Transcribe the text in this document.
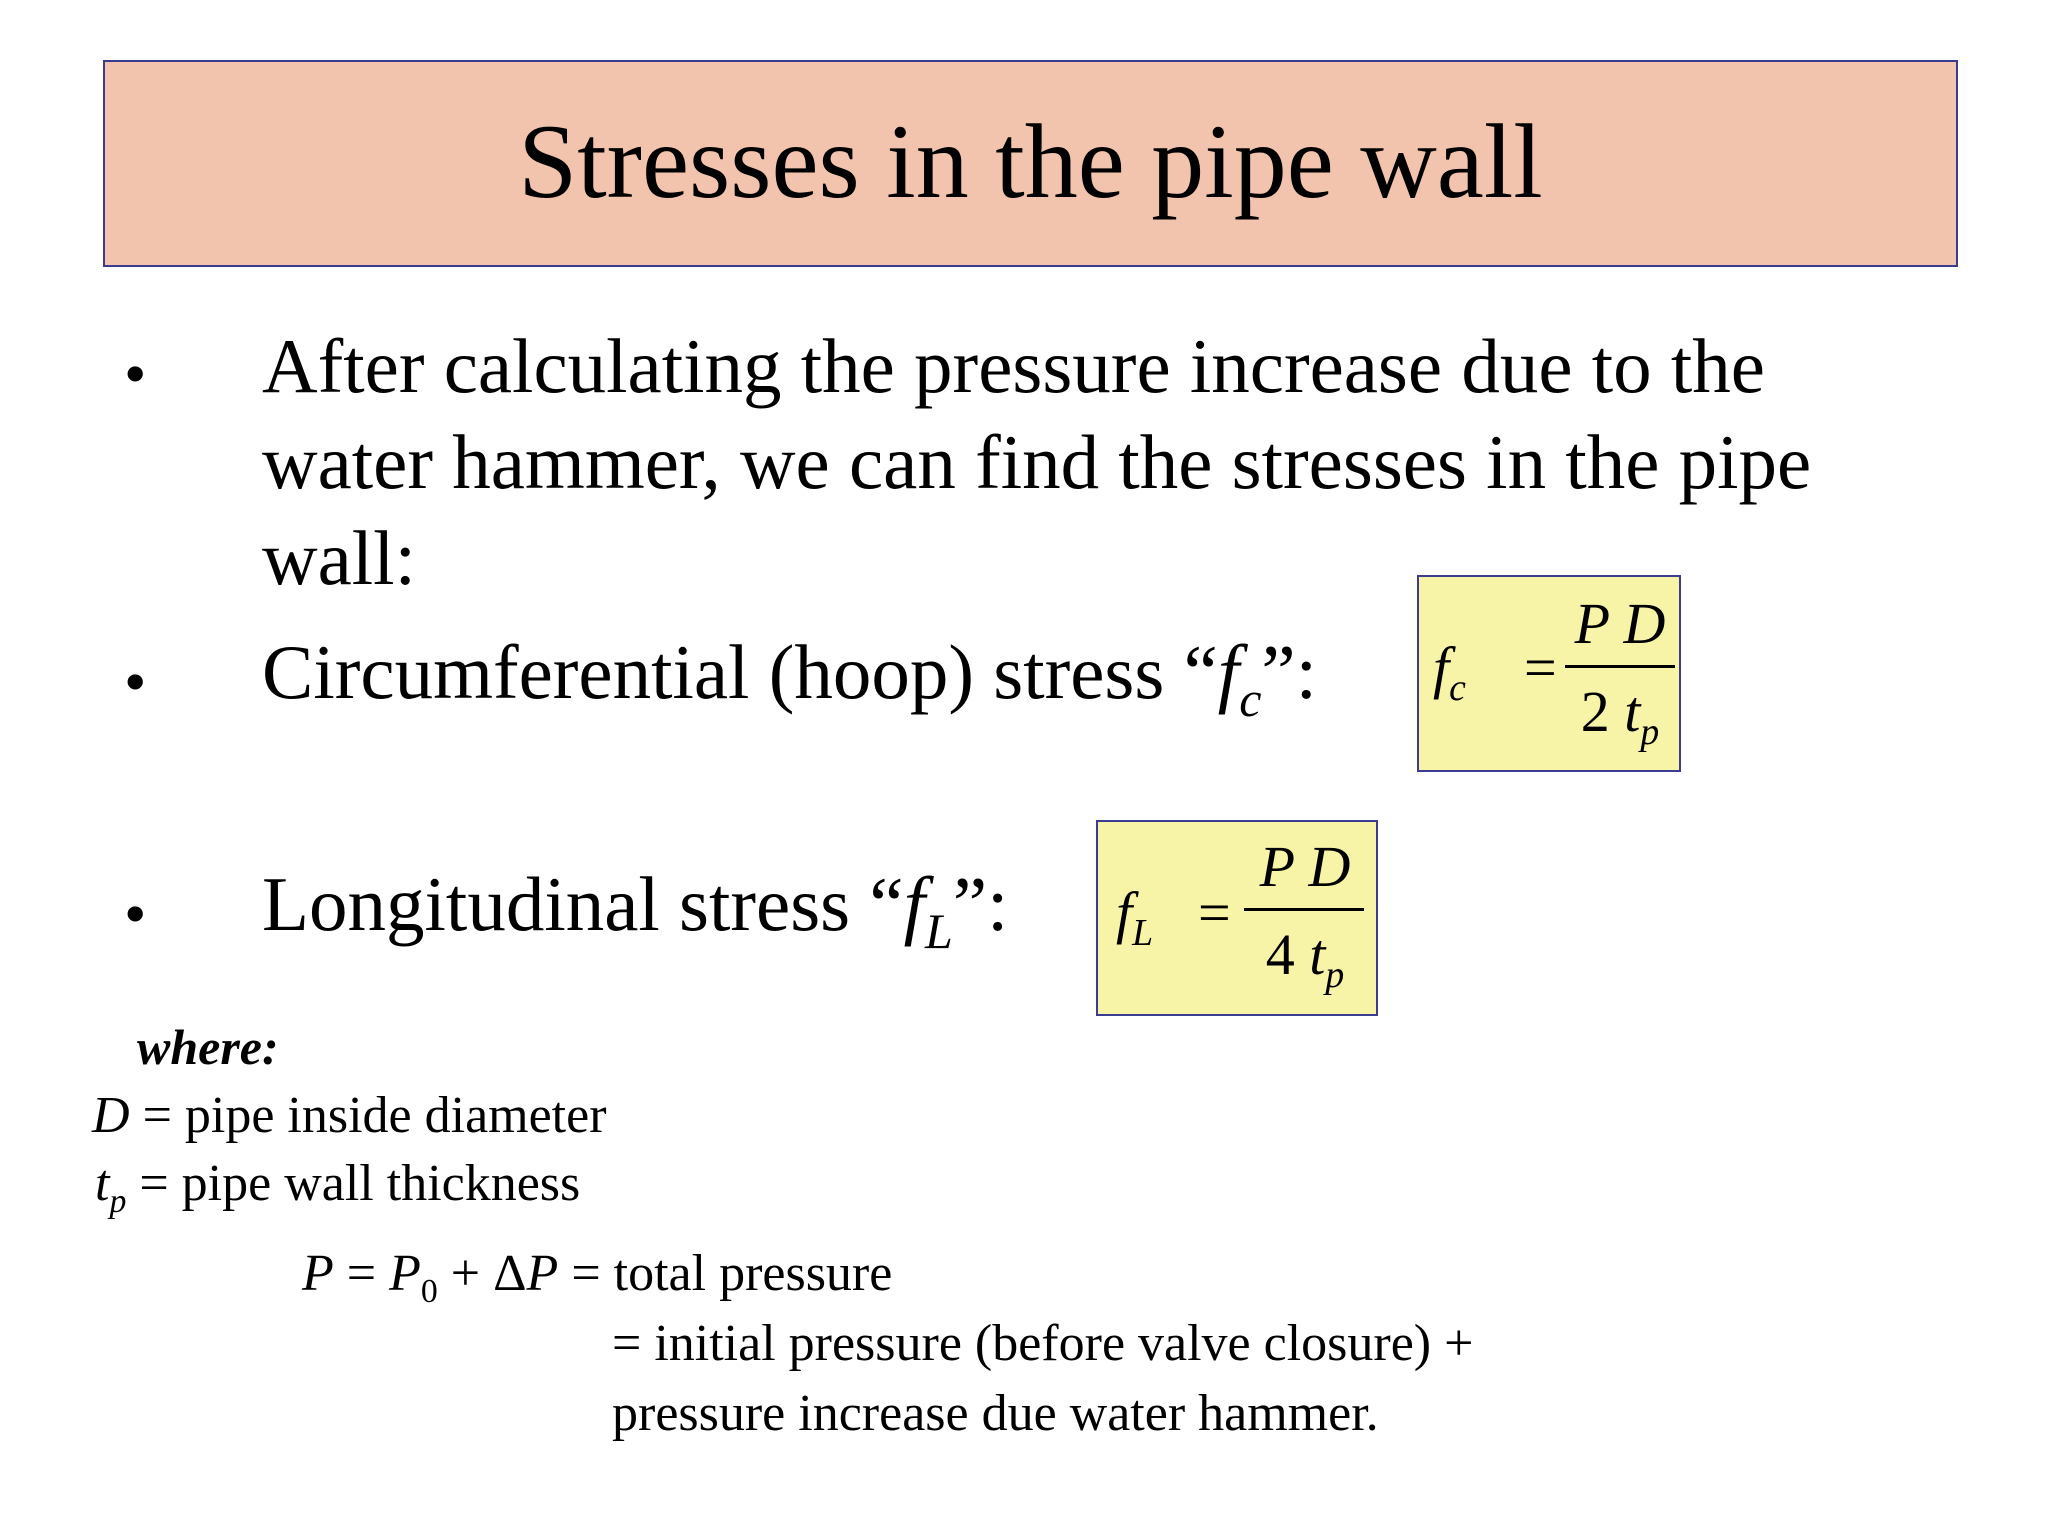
Stresses in the pipe wall
• After calculating the pressure increase due to the
water hammer, we can find the stresses in the pipe
wall:
• Circumferential (hoop) stress “$f_c$”: $f_c$ =
P D
2 $t_p$
• Longitudinal stress “$f_L$”: $f_L$ =
P D
4 $t_p$
where:
D = pipe inside diameter
$t_p$ = pipe wall thickness
$P = P_0 + \Delta P$ = total pressure
= initial pressure (before valve closure) +
pressure increase due water hammer.
